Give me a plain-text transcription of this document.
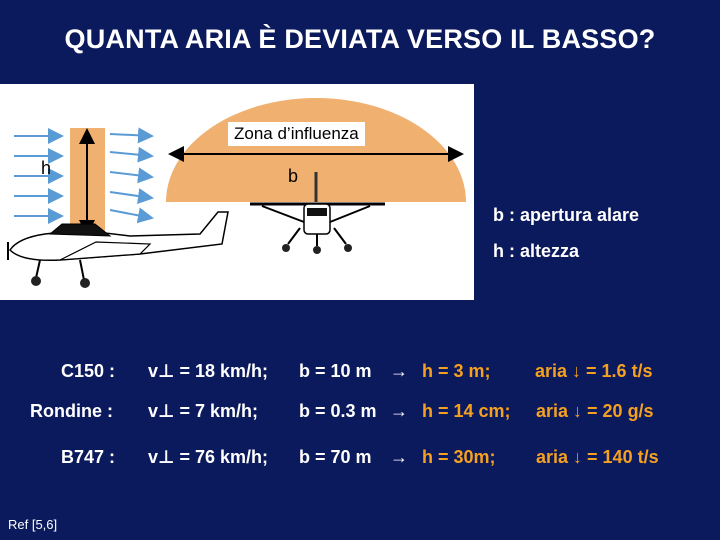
QUANTA ARIA È DEVIATA VERSO IL BASSO?
Zona d’influenza
h	b
b : apertura alare
h : altezza
C150 : v⊥ = 18 km/h; b = 10 m → h = 3 m; aria ↓ = 1.6 t/s
Rondine : v⊥ = 7 km/h; b = 0.3 m → h = 14 cm; aria ↓ = 20 g/s
B747 : v⊥ = 76 km/h; b = 70 m → h = 30m; aria ↓ = 140 t/s
Ref [5,6]
